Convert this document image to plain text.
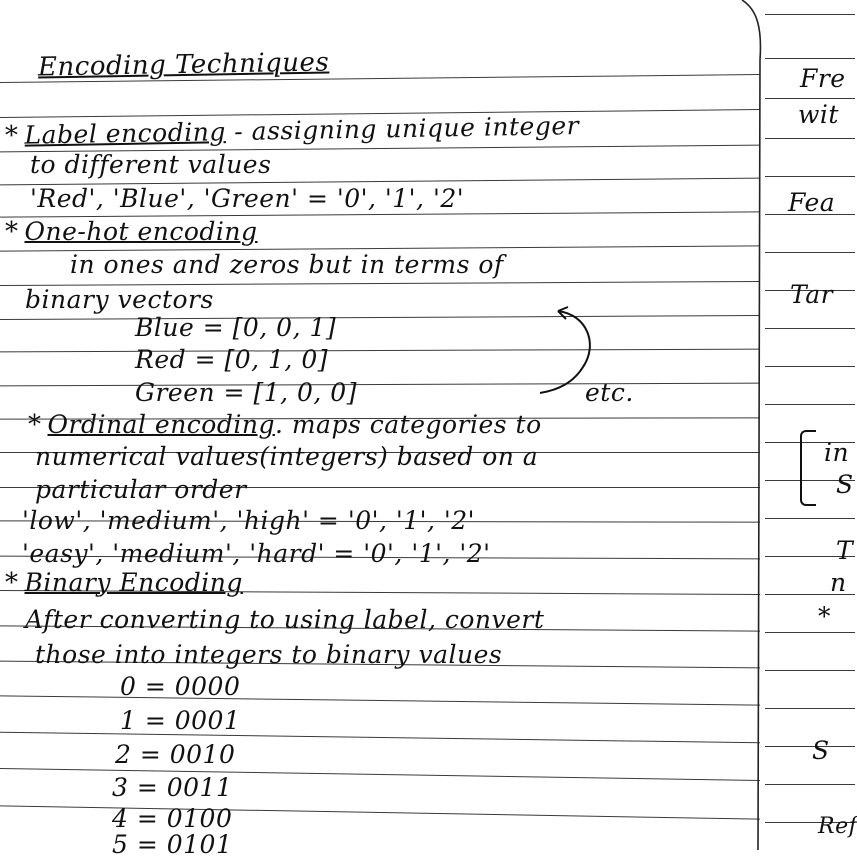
Encoding Techniques
* Label encoding - assigning unique integer
to different values
'Red', 'Blue', 'Green' = '0', '1', '2'
* One-hot encoding
in ones and zeros but in terms of
binary vectors
Blue = [0, 0, 1]
Red = [0, 1, 0]
Green = [1, 0, 0]	etc.
* Ordinal encoding. maps categories to
numerical values(integers) based on a
particular order
'low', 'medium', 'high' = '0', '1', '2'
'easy', 'medium', 'hard' = '0', '1', '2'
* Binary Encoding
After converting to using label, convert
those into integers to binary values
0 = 0000
1 = 0001
2 = 0010
3 = 0011
4 = 0100
5 = 0101
Fre
wit
Fea
Tar
in
S
T
n
*
S
Ref
